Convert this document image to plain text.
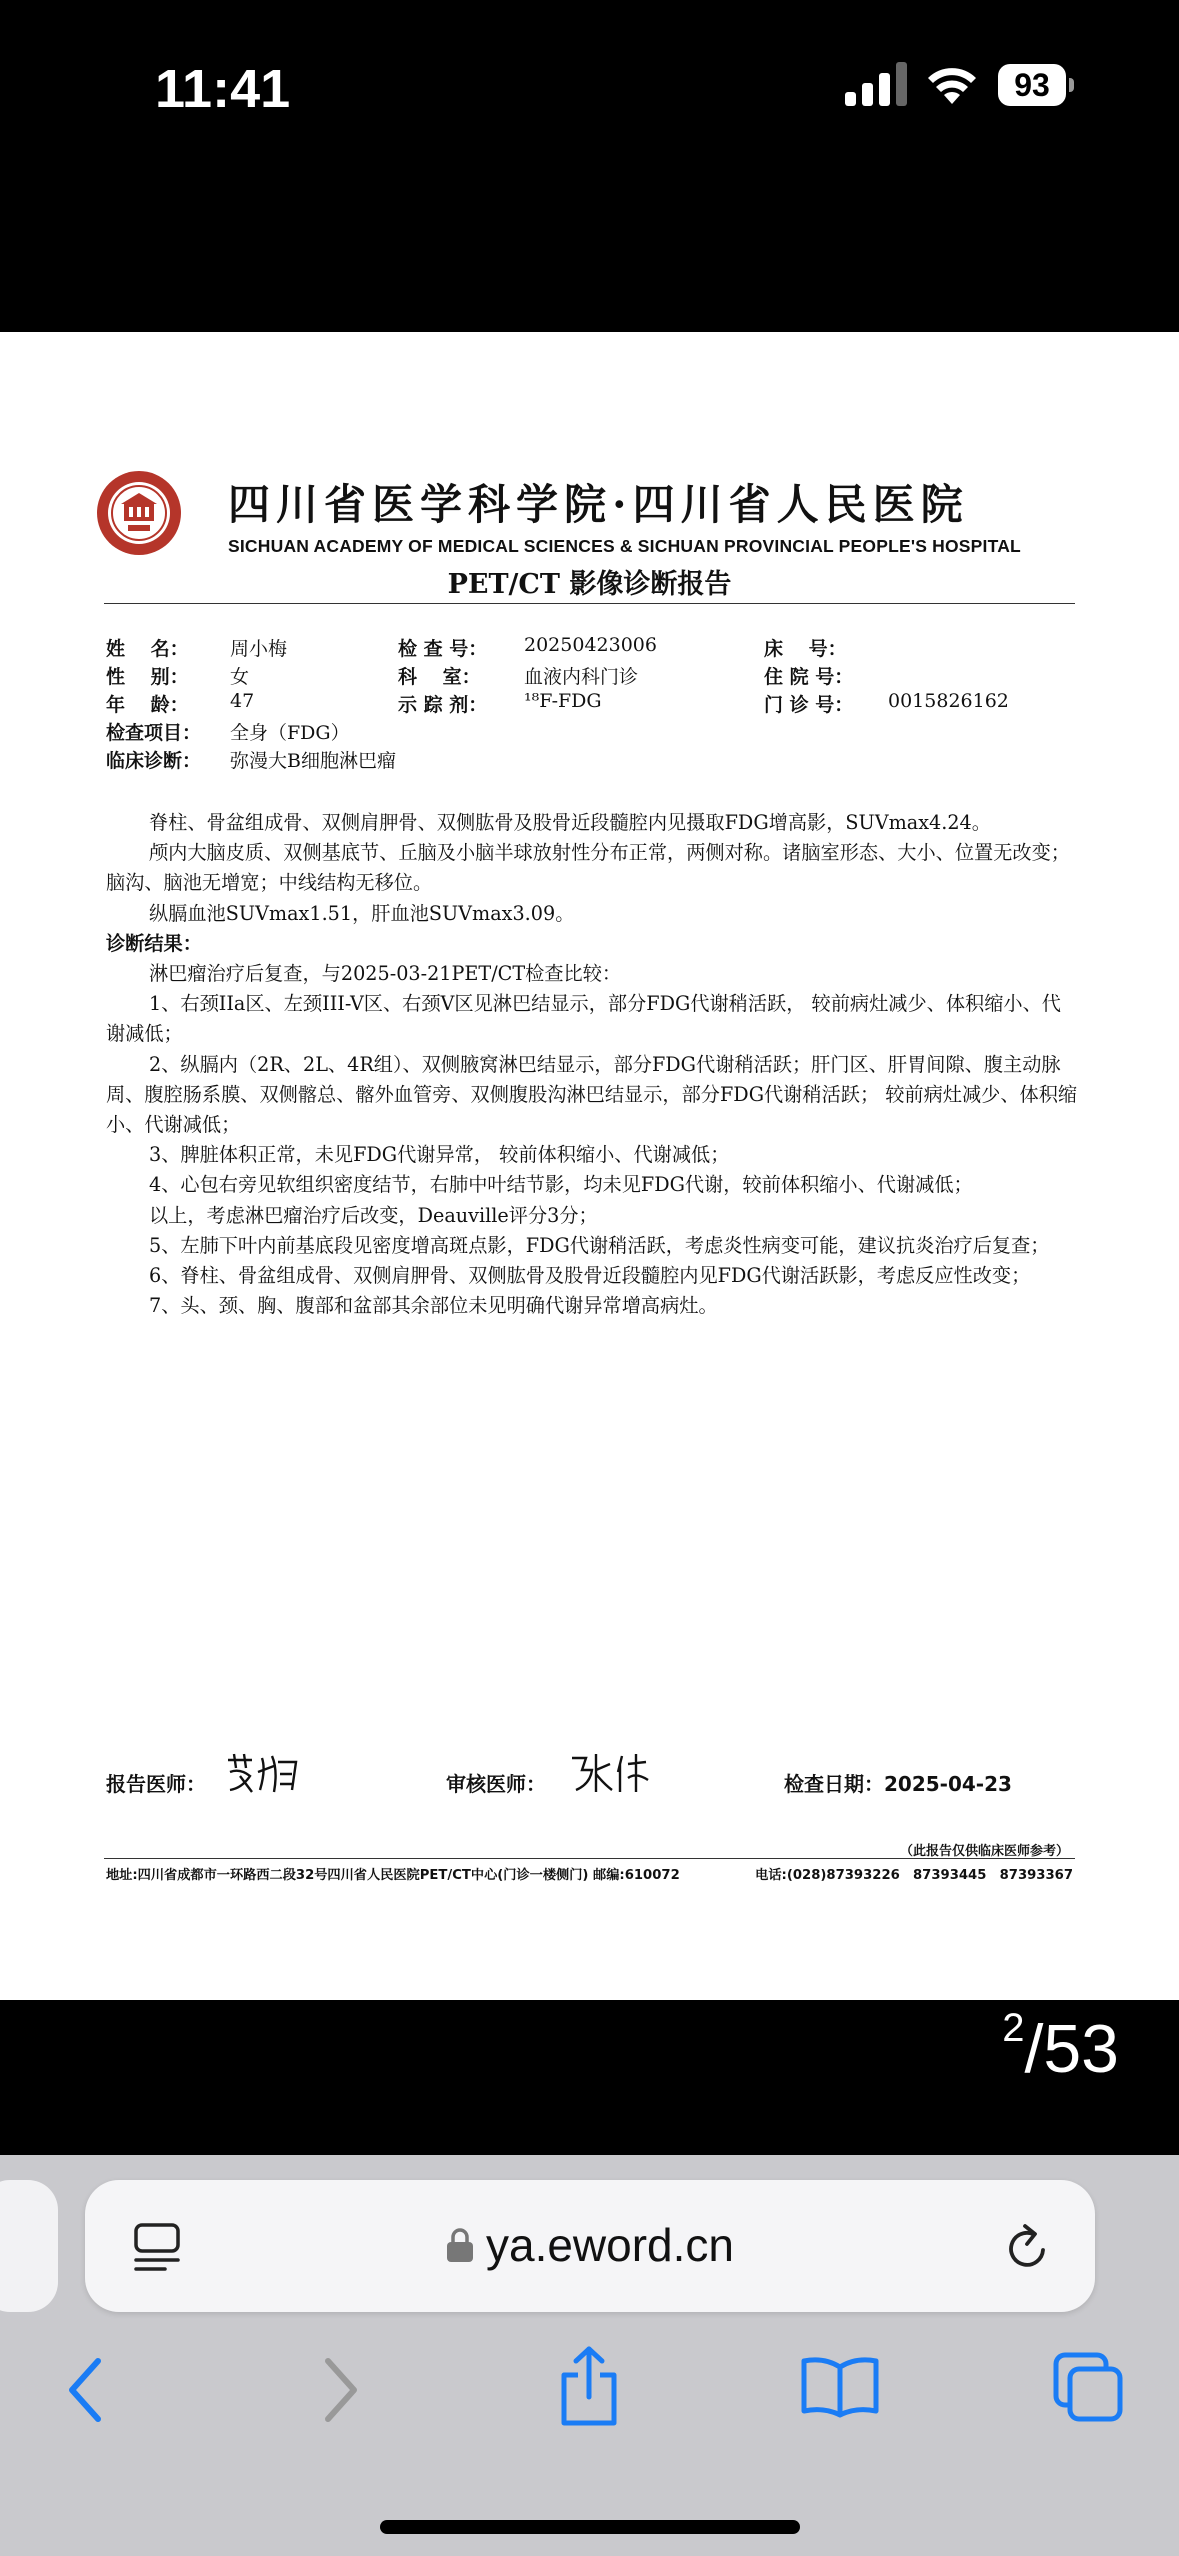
11:41	93
四川省医学科学院·四川省人民医院
SICHUAN ACADEMY OF MEDICAL SCIENCES & SICHUAN PROVINCIAL PEOPLE'S HOSPITAL
PET/CT 影像诊断报告
姓　 名： 周小梅	检 查 号： 20250423006	床　 号：
性　 别： 女	科　 室： 血液内科门诊	住 院 号：
年　 龄： 47	示 踪 剂： ¹⁸F-FDG	门 诊 号： 0015826162
检查项目： 全身（FDG）
临床诊断： 弥漫大B细胞淋巴瘤

脊柱、骨盆组成骨、双侧肩胛骨、双侧肱骨及股骨近段髓腔内见摄取FDG增高影，SUVmax4.24。

颅内大脑皮质、双侧基底节、丘脑及小脑半球放射性分布正常，两侧对称。诸脑室形态、大小、位置无改变；脑沟、脑池无增宽；中线结构无移位。

纵膈血池SUVmax1.51，肝血池SUVmax3.09。

诊断结果：

淋巴瘤治疗后复查，与2025-03-21PET/CT检查比较：

1、右颈IIa区、左颈III-V区、右颈V区见淋巴结显示，部分FDG代谢稍活跃， 较前病灶减少、体积缩小、代谢减低；

2、纵膈内（2R、2L、4R组）、双侧腋窝淋巴结显示，部分FDG代谢稍活跃；肝门区、肝胃间隙、腹主动脉周、腹腔肠系膜、双侧髂总、髂外血管旁、双侧腹股沟淋巴结显示，部分FDG代谢稍活跃； 较前病灶减少、体积缩小、代谢减低；

3、脾脏体积正常，未见FDG代谢异常， 较前体积缩小、代谢减低；

4、心包右旁见软组织密度结节，右肺中叶结节影，均未见FDG代谢，较前体积缩小、代谢减低；

以上，考虑淋巴瘤治疗后改变，Deauville评分3分；

5、左肺下叶内前基底段见密度增高斑点影，FDG代谢稍活跃，考虑炎性病变可能，建议抗炎治疗后复查；

6、脊柱、骨盆组成骨、双侧肩胛骨、双侧肱骨及股骨近段髓腔内见FDG代谢活跃影，考虑反应性改变；

7、头、颈、胸、腹部和盆部其余部位未见明确代谢异常增高病灶。

报告医师：	审核医师：	检查日期：2025-04-23
（此报告仅供临床医师参考）
地址:四川省成都市一环路西二段32号四川省人民医院PET/CT中心(门诊一楼侧门) 邮编:610072	电话:(028)87393226　87393445　87393367
$^2$/53
ya.eword.cn
